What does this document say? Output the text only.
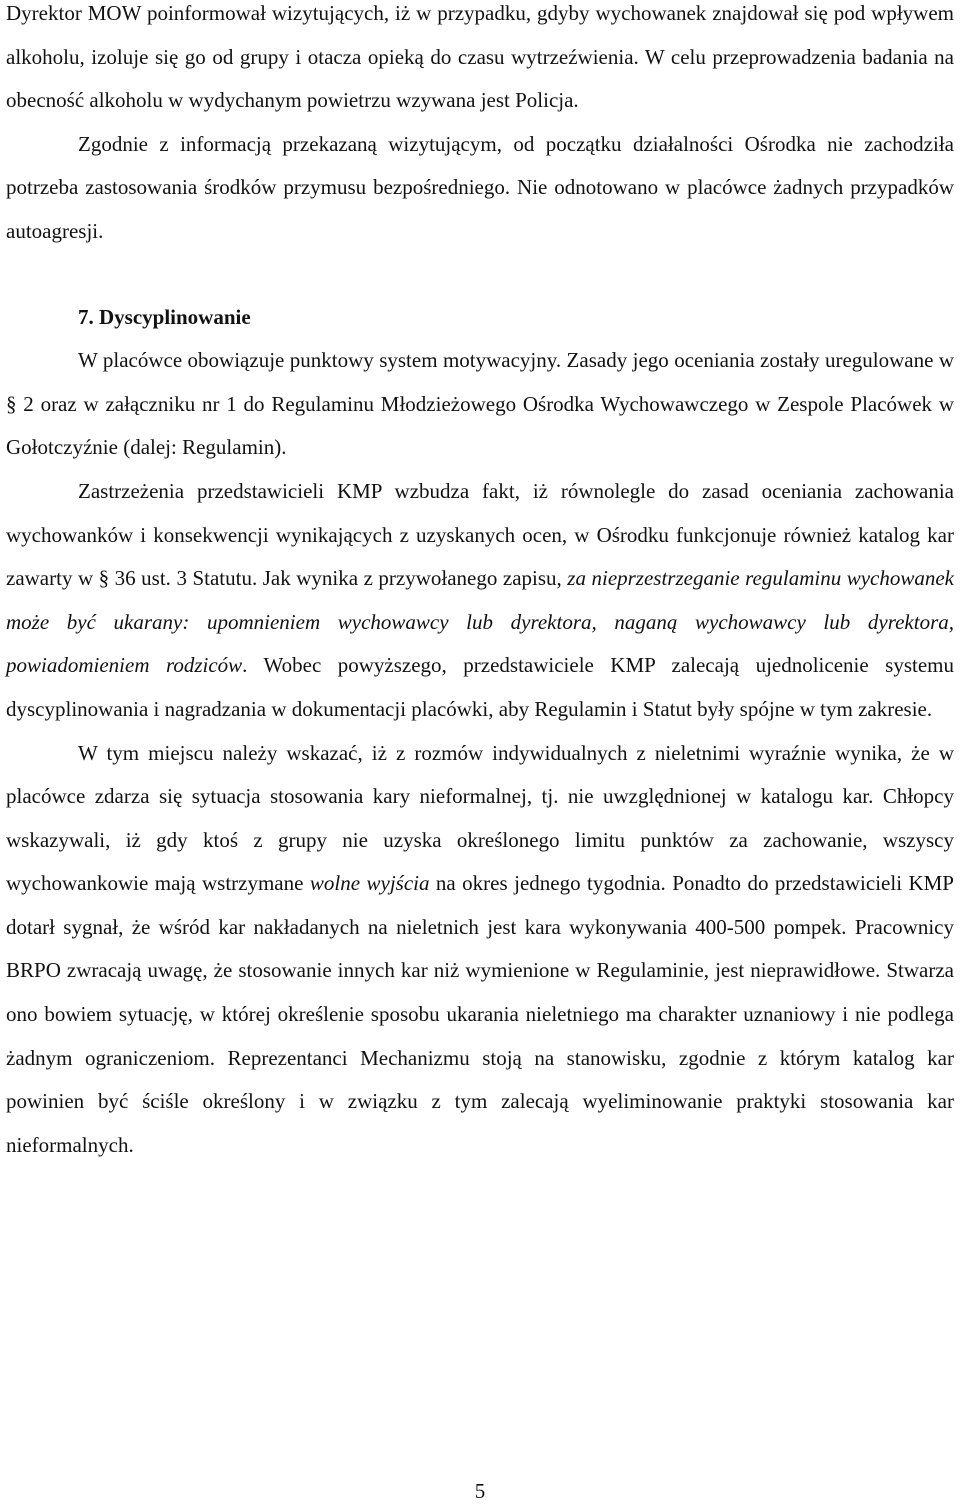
Dyrektor MOW poinformował wizytujących, iż w przypadku, gdyby wychowanek znajdował się pod wpływem alkoholu, izoluje się go od grupy i otacza opieką do czasu wytrzeźwienia. W celu przeprowadzenia badania na obecność alkoholu w wydychanym powietrzu wzywana jest Policja.

Zgodnie z informacją przekazaną wizytującym, od początku działalności Ośrodka nie zachodziła potrzeba zastosowania środków przymusu bezpośredniego. Nie odnotowano w placówce żadnych przypadków autoagresji.

7. Dyscyplinowanie

W placówce obowiązuje punktowy system motywacyjny. Zasady jego oceniania zostały uregulowane w § 2 oraz w załączniku nr 1 do Regulaminu Młodzieżowego Ośrodka Wychowawczego w Zespole Placówek w Gołotczyźnie (dalej: Regulamin).

Zastrzeżenia przedstawicieli KMP wzbudza fakt, iż równolegle do zasad oceniania zachowania wychowanków i konsekwencji wynikających z uzyskanych ocen, w Ośrodku funkcjonuje również katalog kar zawarty w § 36 ust. 3 Statutu. Jak wynika z przywołanego zapisu, za nieprzestrzeganie regulaminu wychowanek może być ukarany: upomnieniem wychowawcy lub dyrektora, naganą wychowawcy lub dyrektora, powiadomieniem rodziców. Wobec powyższego, przedstawiciele KMP zalecają ujednolicenie systemu dyscyplinowania i nagradzania w dokumentacji placówki, aby Regulamin i Statut były spójne w tym zakresie.

W tym miejscu należy wskazać, iż z rozmów indywidualnych z nieletnimi wyraźnie wynika, że w placówce zdarza się sytuacja stosowania kary nieformalnej, tj. nie uwzględnionej w katalogu kar. Chłopcy wskazywali, iż gdy ktoś z grupy nie uzyska określonego limitu punktów za zachowanie, wszyscy wychowankowie mają wstrzymane wolne wyjścia na okres jednego tygodnia. Ponadto do przedstawicieli KMP dotarł sygnał, że wśród kar nakładanych na nieletnich jest kara wykonywania 400-500 pompek. Pracownicy BRPO zwracają uwagę, że stosowanie innych kar niż wymienione w Regulaminie, jest nieprawidłowe. Stwarza ono bowiem sytuację, w której określenie sposobu ukarania nieletniego ma charakter uznaniowy i nie podlega żadnym ograniczeniom. Reprezentanci Mechanizmu stoją na stanowisku, zgodnie z którym katalog kar powinien być ściśle określony i w związku z tym zalecają wyeliminowanie praktyki stosowania kar nieformalnych.

5
